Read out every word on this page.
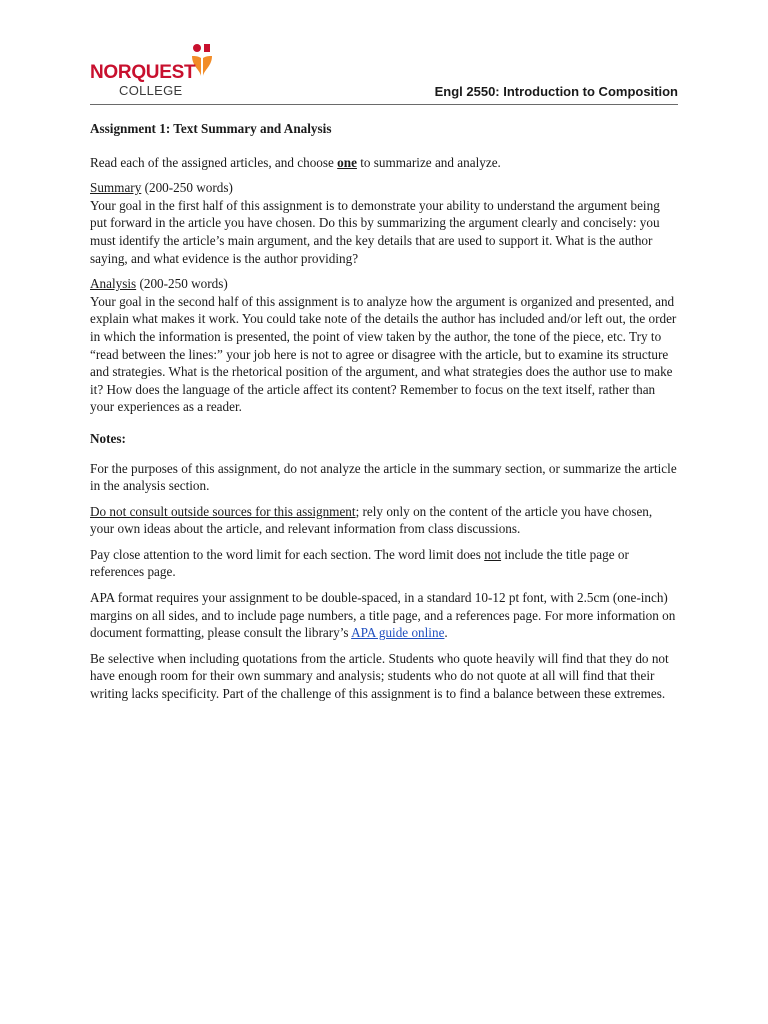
NORQUEST
COLLEGE	Engl 2550: Introduction to Composition

Assignment 1: Text Summary and Analysis

Read each of the assigned articles, and choose one to summarize and analyze.

Summary (200-250 words)
Your goal in the first half of this assignment is to demonstrate your ability to understand the argument being put forward in the article you have chosen. Do this by summarizing the argument clearly and concisely: you must identify the article’s main argument, and the key details that are used to support it. What is the author saying, and what evidence is the author providing?
Analysis (200-250 words)
Your goal in the second half of this assignment is to analyze how the argument is organized and presented, and explain what makes it work. You could take note of the details the author has included and/or left out, the order in which the information is presented, the point of view taken by the author, the tone of the piece, etc. Try to “read between the lines:” your job here is not to agree or disagree with the article, but to examine its structure and strategies. What is the rhetorical position of the argument, and what strategies does the author use to make it? How does the language of the article affect its content? Remember to focus on the text itself, rather than your experiences as a reader.

Notes:

For the purposes of this assignment, do not analyze the article in the summary section, or summarize the article in the analysis section.

Do not consult outside sources for this assignment; rely only on the content of the article you have chosen, your own ideas about the article, and relevant information from class discussions.

Pay close attention to the word limit for each section. The word limit does not include the title page or references page.

APA format requires your assignment to be double-spaced, in a standard 10-12 pt font, with 2.5cm (one-inch) margins on all sides, and to include page numbers, a title page, and a references page. For more information on document formatting, please consult the library’s APA guide online.

Be selective when including quotations from the article. Students who quote heavily will find that they do not have enough room for their own summary and analysis; students who do not quote at all will find that their writing lacks specificity. Part of the challenge of this assignment is to find a balance between these extremes.
